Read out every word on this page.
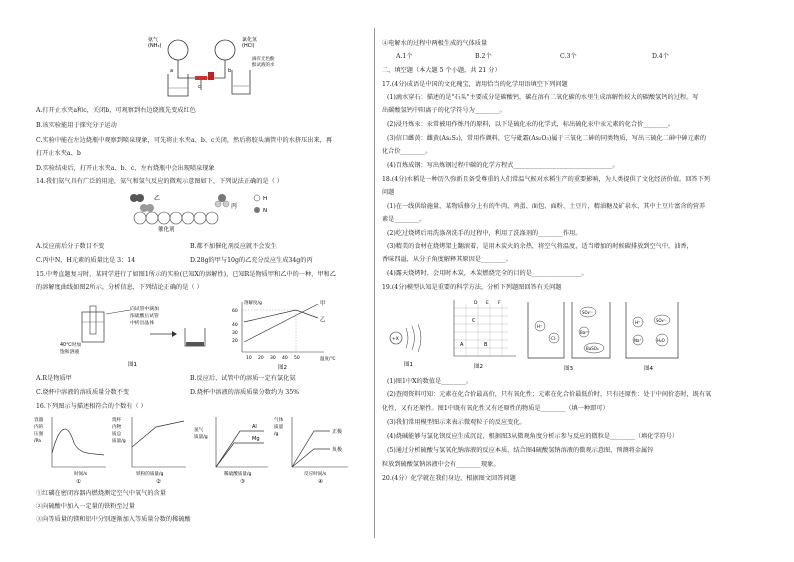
氨气
(NH₃)
氯化氢
(HCl)
滴有无色酚
酞试液的水
a	b
c
A.打开止水夹a和c，关闭b，可观察到右边烧瓶先变成红色
B.该实验能用于探究分子运动
C.实验中能在左边烧瓶中观察到喷泉现象，可先将止水夹a、b、c关闭，然后将胶头滴管中的水挤压出来，再
打开止水夹a、b
D.实验结束后，打开止水夹a、b、c，左右烧瓶中会出现喷泉现象
14.我们氨气具有广泛的用途，氨气和氢气反应的微观示意图如下，下列说法正确的是（ ）
乙
丙
H
N
催化剂
A.反应前后分子数目不变	B.都不加催化剂反应就不会发生
C.丙中N、H元素的质量比是 3：14	D.28g的甲与10g的乙充分反应生成34g的丙
15.中考直题复习时，某同学进行了如图1所示的实验(已知X的溶解性)，已知R是物质甲和乙中的一种，甲和乙
的溶解度曲线如图2所示。分析信息，下列结论正确的是（ ）
向试管中滴加
浓硫酸后试管
中析出晶体
40℃时加
饱和溶液
图1
溶解度/g
温度/℃
60
40
30
20
10 20 30 40 50
甲
乙
图2
A.R是物质甲	B.反应后，试管中的溶质一定有氯化氨
C.烧杯中溶液的溶质质量分数不变	D.烧杯中溶液的溶质质量分数约为 35%
16.下列图示与描述相符合的个数有（ ）
容器
内的
压强
/Pa
时间/s
①
烧杯
内物
质总
质量/g
铁粉的质量/g
②
氢气
质量/g
Al
Mg
稀硫酸质量/g
③
气体
质量
/g	正极
负极
反应时间/s
④
①红磷在密闭容器内燃烧测定空气中氧气的含量
②向硫酸中加入一定量的铁粉至过量
③向等质量的镁和铝中分别逐渐加入等质量分数的稀硫酸
④电解水的过程中两极生成的气体质量
A.1个	B.2个	C.3个	D.4个
二、填空题（本大题 5 个小题，共 21 分）
17.(4分)成语是中国的文化瑰宝，请用恰当的化学用语填空下列问题
(1)滴水穿石：描述的是"石头"主要成分是碳酸钙，碳在溶有二氧化碳的水里生成溶解性较大的碳酸氢钙的过程。写
出碳酸氢钙中阳离子的化学符号为________。
(2)浸丹炼汞：汞常被用作炼丹的原料，以下是硫化汞的化学式，标出硫化汞中汞元素的化合价________。
(3)信口雌黄：雌黄(As₂S₃)，常用作颜料，它与砒霜(As₂O₃)属于三氧化二砷的同类物质，写出三硫化二砷中砷元素的
化合价________。
(4)百炼成钢：写出炼钢过程中碳的化学方程式________________________________。
18.(4分)水稻是一种历久弥新且备受尊重的人们常温气候对水稻生产的重要影响，为人类提供了文化经济价值。回答下列
问题
(1)在一线供给施量，某物质修分上有的牛肉，鸡蛋、面包、面粉、土豆片，精油糖及矿泉水，其中土豆片富含的营养
素是________。
(2)吃过烧烤后用洗涤剂洗手的过程中，利用了洗涤剂的________作用。
(3)精美的食材在烧烤架上翻滚着，是用木炭火的余热，将空气将温度，适当增加的时候碳排放到空气中，油香，
香味四溢，从分子角度解释其原因是________。
(4)露天烧烤时，会用时木炭，木炭燃烧完全的目的是________________。
19.(4分)模型认知是重要的科学方法，分析下列题图回答有关问题
+X
图1
D E F
C
A	B
图2
H⁺
Cl⁻
SO₄²⁻
Ba²⁺
BaSO₄
图3
H⁺
Na⁺	H₂O
SO₄²⁻
图4
(1)图1中X的数值是________。
(2)查阅资料可知：元素在化合价最高价，只有氧化性；元素在化合价最低价时，只有还原性：处于中间价态时，既有氧
化性，又有还原性。图1中既有氧化性又有还原性的物质是________（填一种即可）
(3)我们常用模型图示来表示微观粒子的反应变化。
(4)烧碱能够与氯化钡反应生成沉淀，根据图3从微观角度分析示参与反应的微粒是________（填化学符号）
(5)通过分析硫酸与氢氧化钠溶液的反应本质，结合图4硫酸氢钠溶液的微观示意图，预测将金属锌
粒放到硫酸氢钠溶液中会有________现象。
20.(4分）化学就在我们身边，根据图文回答问题
